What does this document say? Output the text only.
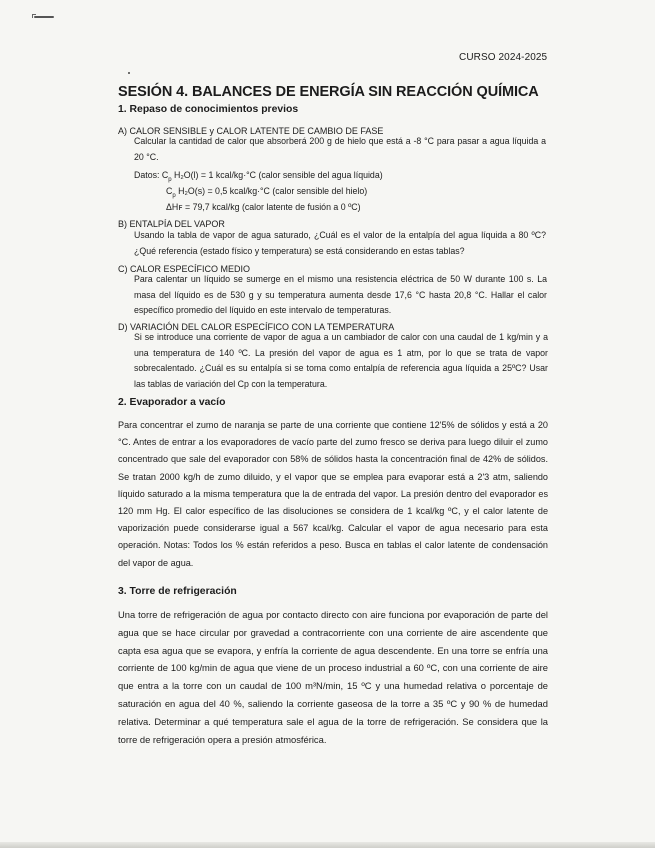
CURSO 2024-2025
SESIÓN 4. BALANCES DE ENERGÍA SIN REACCIÓN QUÍMICA
1. Repaso de conocimientos previos
A) CALOR SENSIBLE y CALOR LATENTE DE CAMBIO DE FASE

Calcular la cantidad de calor que absorberá 200 g de hielo que está a -8 °C para pasar a agua líquida a 20 °C.

Datos: $C_p$ H₂O(l) = 1 kcal/kg·°C (calor sensible del agua líquida)
$C_p$ H₂O(s) = 0,5 kcal/kg·°C (calor sensible del hielo)
ΔHꜰ = 79,7 kcal/kg (calor latente de fusión a 0 ºC)
B) ENTALPÍA DEL VAPOR

Usando la tabla de vapor de agua saturado, ¿Cuál es el valor de la entalpía del agua líquida a 80 ºC? ¿Qué referencia (estado físico y temperatura) se está considerando en estas tablas?

C) CALOR ESPECÍFICO MEDIO

Para calentar un líquido se sumerge en el mismo una resistencia eléctrica de 50 W durante 100 s. La masa del líquido es de 530 g y su temperatura aumenta desde 17,6 °C hasta 20,8 °C. Hallar el calor específico promedio del líquido en este intervalo de temperaturas.

D) VARIACIÓN DEL CALOR ESPECÍFICO CON LA TEMPERATURA

Si se introduce una corriente de vapor de agua a un cambiador de calor con una caudal de 1 kg/min y a una temperatura de 140 ºC. La presión del vapor de agua es 1 atm, por lo que se trata de vapor sobrecalentado. ¿Cuál es su entalpía si se toma como entalpía de referencia agua líquida a 25ºC? Usar las tablas de variación del Cp con la temperatura.

2. Evaporador a vacío

Para concentrar el zumo de naranja se parte de una corriente que contiene 12'5% de sólidos y está a 20 °C. Antes de entrar a los evaporadores de vacío parte del zumo fresco se deriva para luego diluir el zumo concentrado que sale del evaporador con 58% de sólidos hasta la concentración final de 42% de sólidos. Se tratan 2000 kg/h de zumo diluido, y el vapor que se emplea para evaporar está a 2'3 atm, saliendo líquido saturado a la misma temperatura que la de entrada del vapor. La presión dentro del evaporador es 120 mm Hg. El calor específico de las disoluciones se considera de 1 kcal/kg ºC, y el calor latente de vaporización puede considerarse igual a 567 kcal/kg. Calcular el vapor de agua necesario para esta operación. Notas: Todos los % están referidos a peso. Busca en tablas el calor latente de condensación del vapor de agua.

3. Torre de refrigeración

Una torre de refrigeración de agua por contacto directo con aire funciona por evaporación de parte del agua que se hace circular por gravedad a contracorriente con una corriente de aire ascendente que capta esa agua que se evapora, y enfría la corriente de agua descendente. En una torre se enfría una corriente de 100 kg/min de agua que viene de un proceso industrial a 60 ºC, con una corriente de aire que entra a la torre con un caudal de 100 m³N/min, 15 ºC y una humedad relativa o porcentaje de saturación en agua del 40 %, saliendo la corriente gaseosa de la torre a 35 ºC y 90 % de humedad relativa. Determinar a qué temperatura sale el agua de la torre de refrigeración. Se considera que la torre de refrigeración opera a presión atmosférica.
